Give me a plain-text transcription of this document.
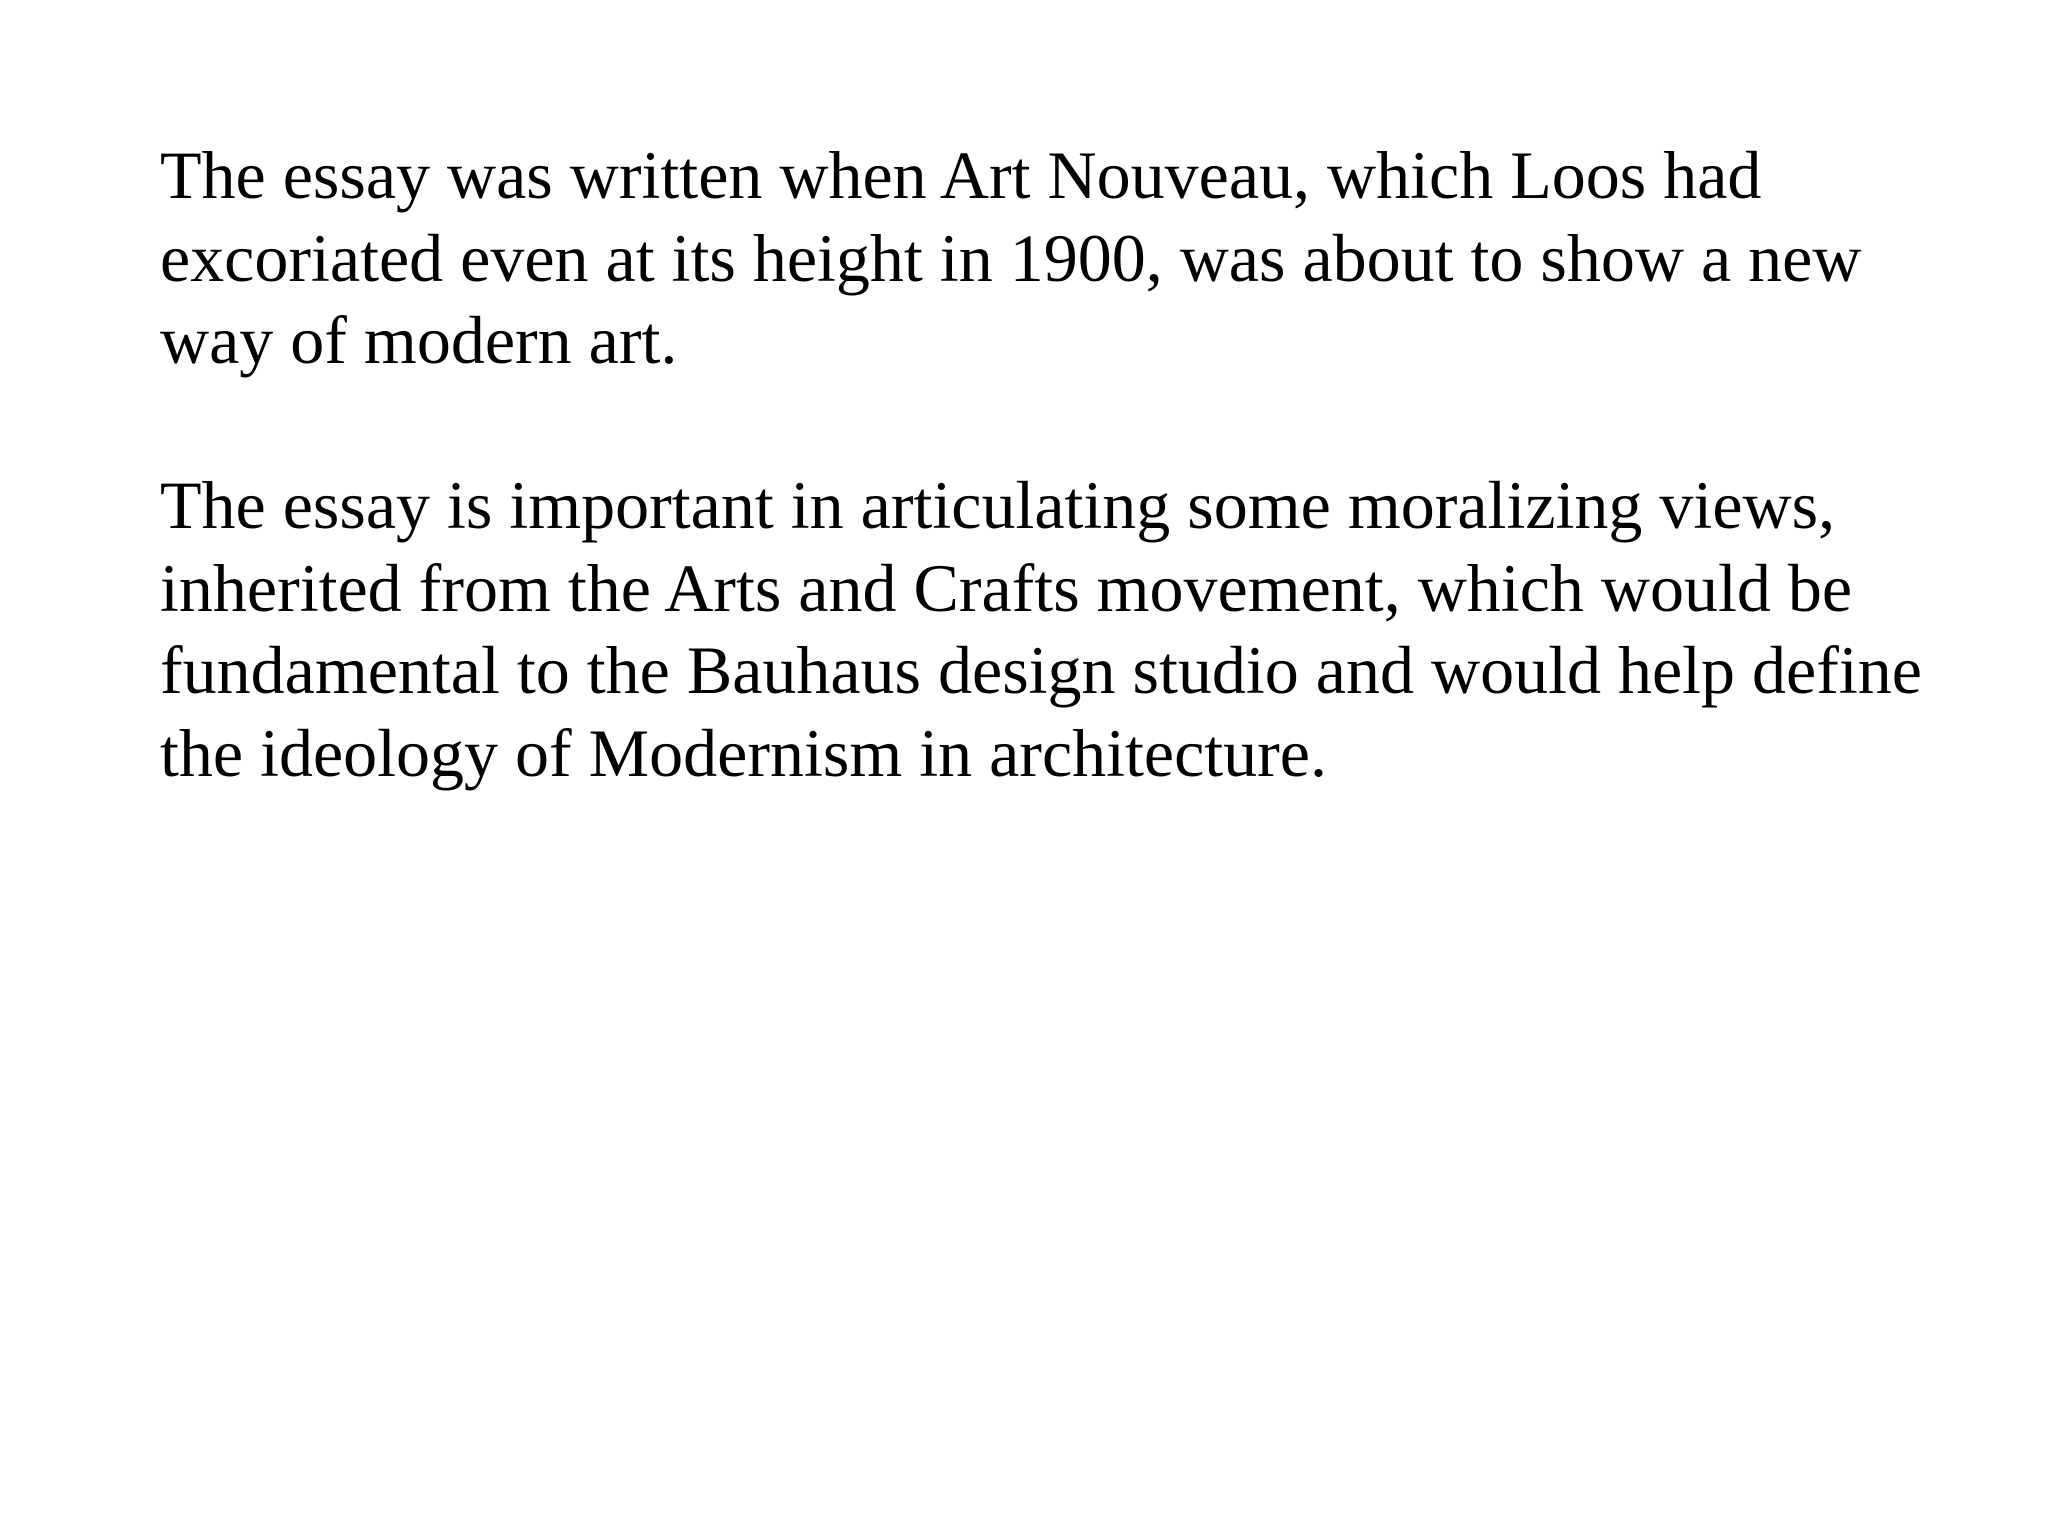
The essay was written when Art Nouveau, which Loos had
excoriated even at its height in 1900, was about to show a new
way of modern art.
The essay is important in articulating some moralizing views,
inherited from the Arts and Crafts movement, which would be
fundamental to the Bauhaus design studio and would help define
the ideology of Modernism in architecture.
